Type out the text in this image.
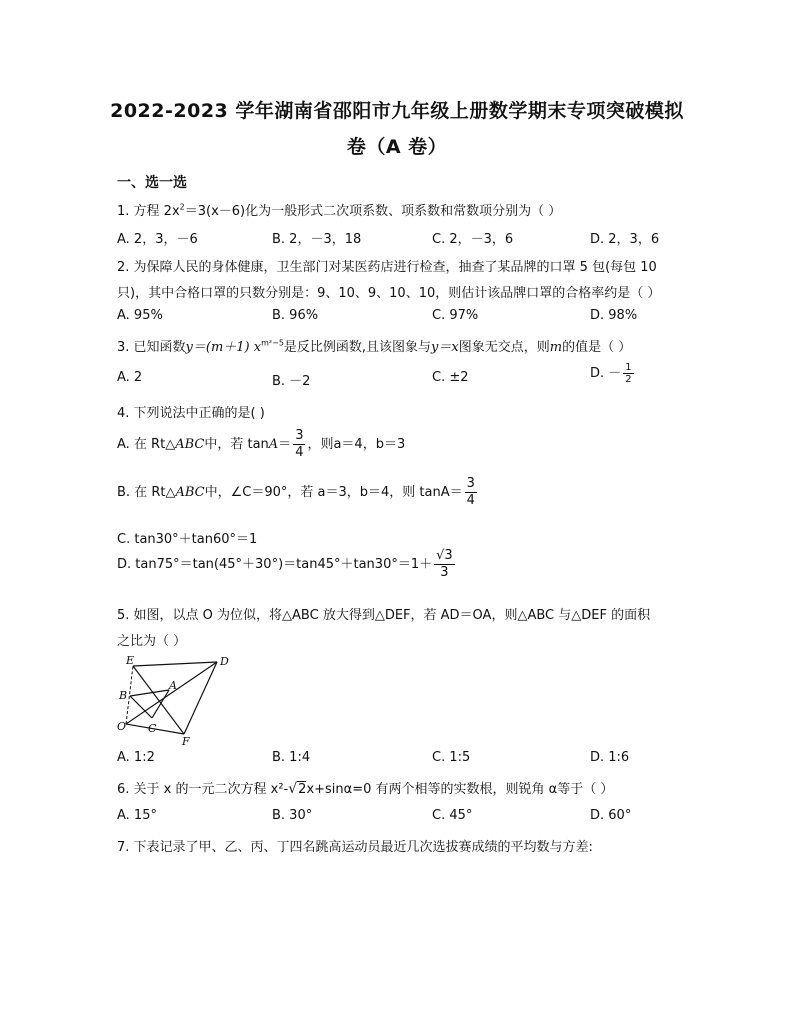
2022-2023 学年湖南省邵阳市九年级上册数学期末专项突破模拟
卷（A 卷）
一、选一选
1. 方程 $2x^2=3(x-6)$化为一般形式二次项系数、项系数和常数项分别为（ ）
A. 2，3，－6	B. 2，－3，18	C. 2，－3，6	D. 2，3，6
2. 为保障人民的身体健康，卫生部门对某医药店进行检查，抽查了某品牌的口罩 5 包(每包 10
只)，其中合格口罩的只数分别是：9、10、9、10、10，则估计该品牌口罩的合格率约是（ ）
A. 95%	B. 96%	C. 97%	D. 98%
3. 已知函数y＝(m＋1) $x^{m^2-5}$是反比例函数,且该图象与y＝x图象无交点，则m的值是（ ）
A. 2	B. －2	C. ±2	D. － $\frac{1}{2}$
4. 下列说法中正确的是( )
A. 在 Rt△ABC中，若 $\tan A= \frac{3}{4}$ ，则a＝4，b＝3
B. 在 Rt△ABC中，∠C＝90°，若 a＝3，b＝4，则 $\tan A= \frac{3}{4}$
C. tan30°＋tan60°＝1
D. $\tan 75^\circ=\tan(45^\circ+30^\circ)=\tan 45^\circ+\tan 30^\circ=1+ \frac{√3}{3}$
5. 如图，以点 O 为位似，将△ABC 放大得到△DEF，若 AD＝OA，则△ABC 与△DEF 的面积
之比为（ ）
E	D
B
A
O C
F
A. 1:2	B. 1:4	C. 1:5	D. 1:6
6. 关于 x 的一元二次方程 x²-√2x+sinα=0 有两个相等的实数根，则锐角 α等于（ ）
A. 15°	B. 30°	C. 45°	D. 60°
7. 下表记录了甲、乙、丙、丁四名跳高运动员最近几次选拔赛成绩的平均数与方差:
